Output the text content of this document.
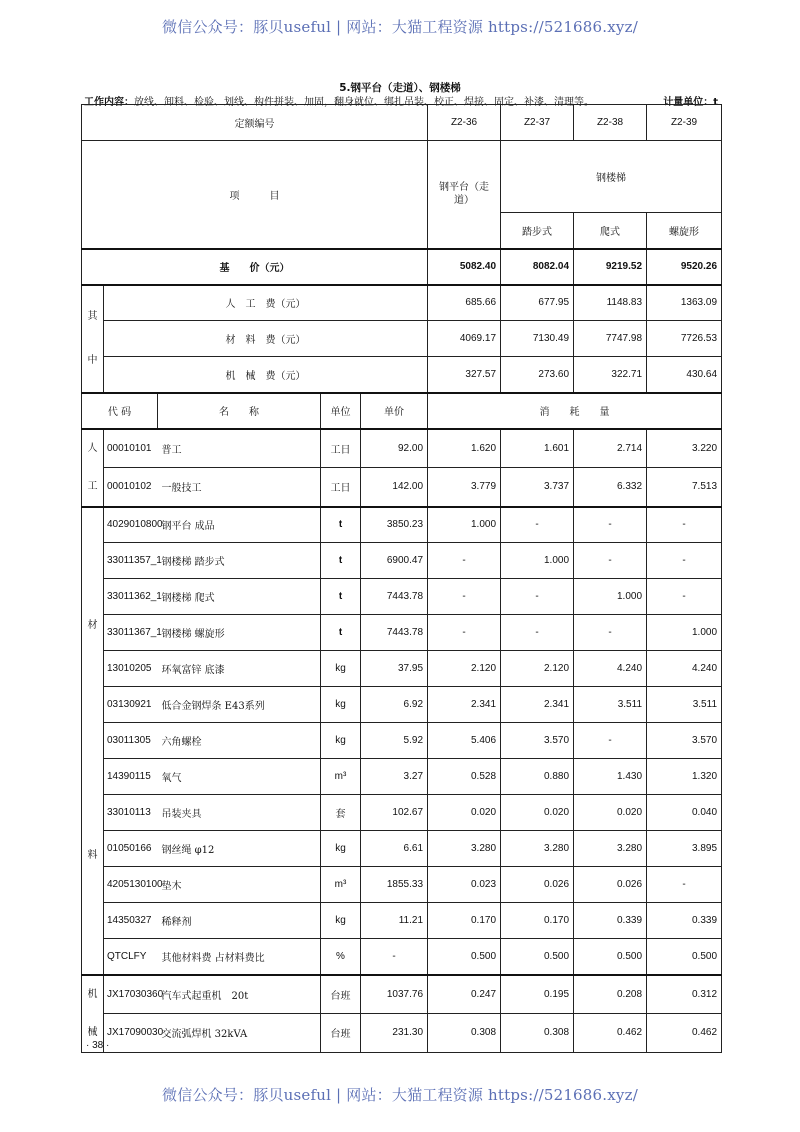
微信公众号：豚贝useful | 网站：大猫工程资源 https://521686.xyz/
5.钢平台（走道）、钢楼梯
工作内容：放线、卸料、检验、划线、构件拼装、加固，翻身就位、绑扎吊装、校正、焊接、固定、补漆、清理等。	计量单位：t
定额编号					Z2-36	Z2-37	Z2-38	Z2-39
项　　　目					钢平台（走道）	钢楼梯		
						踏步式	爬式	螺旋形
基　　价（元）					5082.40	8082.04	9219.52	9520.26
其
中	人　工　费（元）				685.66	677.95	1148.83	1363.09
	材　料　费（元）				4069.17	7130.49	7747.98	7726.53
	机　械　费（元）				327.57	273.60	322.71	430.64
代 码		名　　称	单位	单价	消　　耗　　量			
人
工	00010101	普工	工日	92.00	1.620	1.601	2.714	3.220
	00010102	一般技工	工日	142.00	3.779	3.737	6.332	7.513
材
料	4029010800	钢平台 成品	t	3850.23	1.000	-	-	-
	33011357_1	钢楼梯 踏步式	t	6900.47	-	1.000	-	-
	33011362_1	钢楼梯 爬式	t	7443.78	-	-	1.000	-
	33011367_1	钢楼梯 螺旋形	t	7443.78	-	-	-	1.000
	13010205	环氧富锌 底漆	kg	37.95	2.120	2.120	4.240	4.240
	03130921	低合金钢焊条 E43系列	kg	6.92	2.341	2.341	3.511	3.511
	03011305	六角螺栓	kg	5.92	5.406	3.570	-	3.570
	14390115	氧气	m³	3.27	0.528	0.880	1.430	1.320
	33010113	吊装夹具	套	102.67	0.020	0.020	0.020	0.040
	01050166	钢丝绳 φ12	kg	6.61	3.280	3.280	3.280	3.895
	4205130100	垫木	m³	1855.33	0.023	0.026	0.026	-
	14350327	稀释剂	kg	11.21	0.170	0.170	0.339	0.339
	QTCLFY	其他材料费 占材料费比	%	-	0.500	0.500	0.500	0.500
机
械	JX17030360	汽车式起重机　20t	台班	1037.76	0.247	0.195	0.208	0.312
	JX17090030	交流弧焊机 32kVA	台班	231.30	0.308	0.308	0.462	0.462
· 38 ·
微信公众号：豚贝useful | 网站：大猫工程资源 https://521686.xyz/
